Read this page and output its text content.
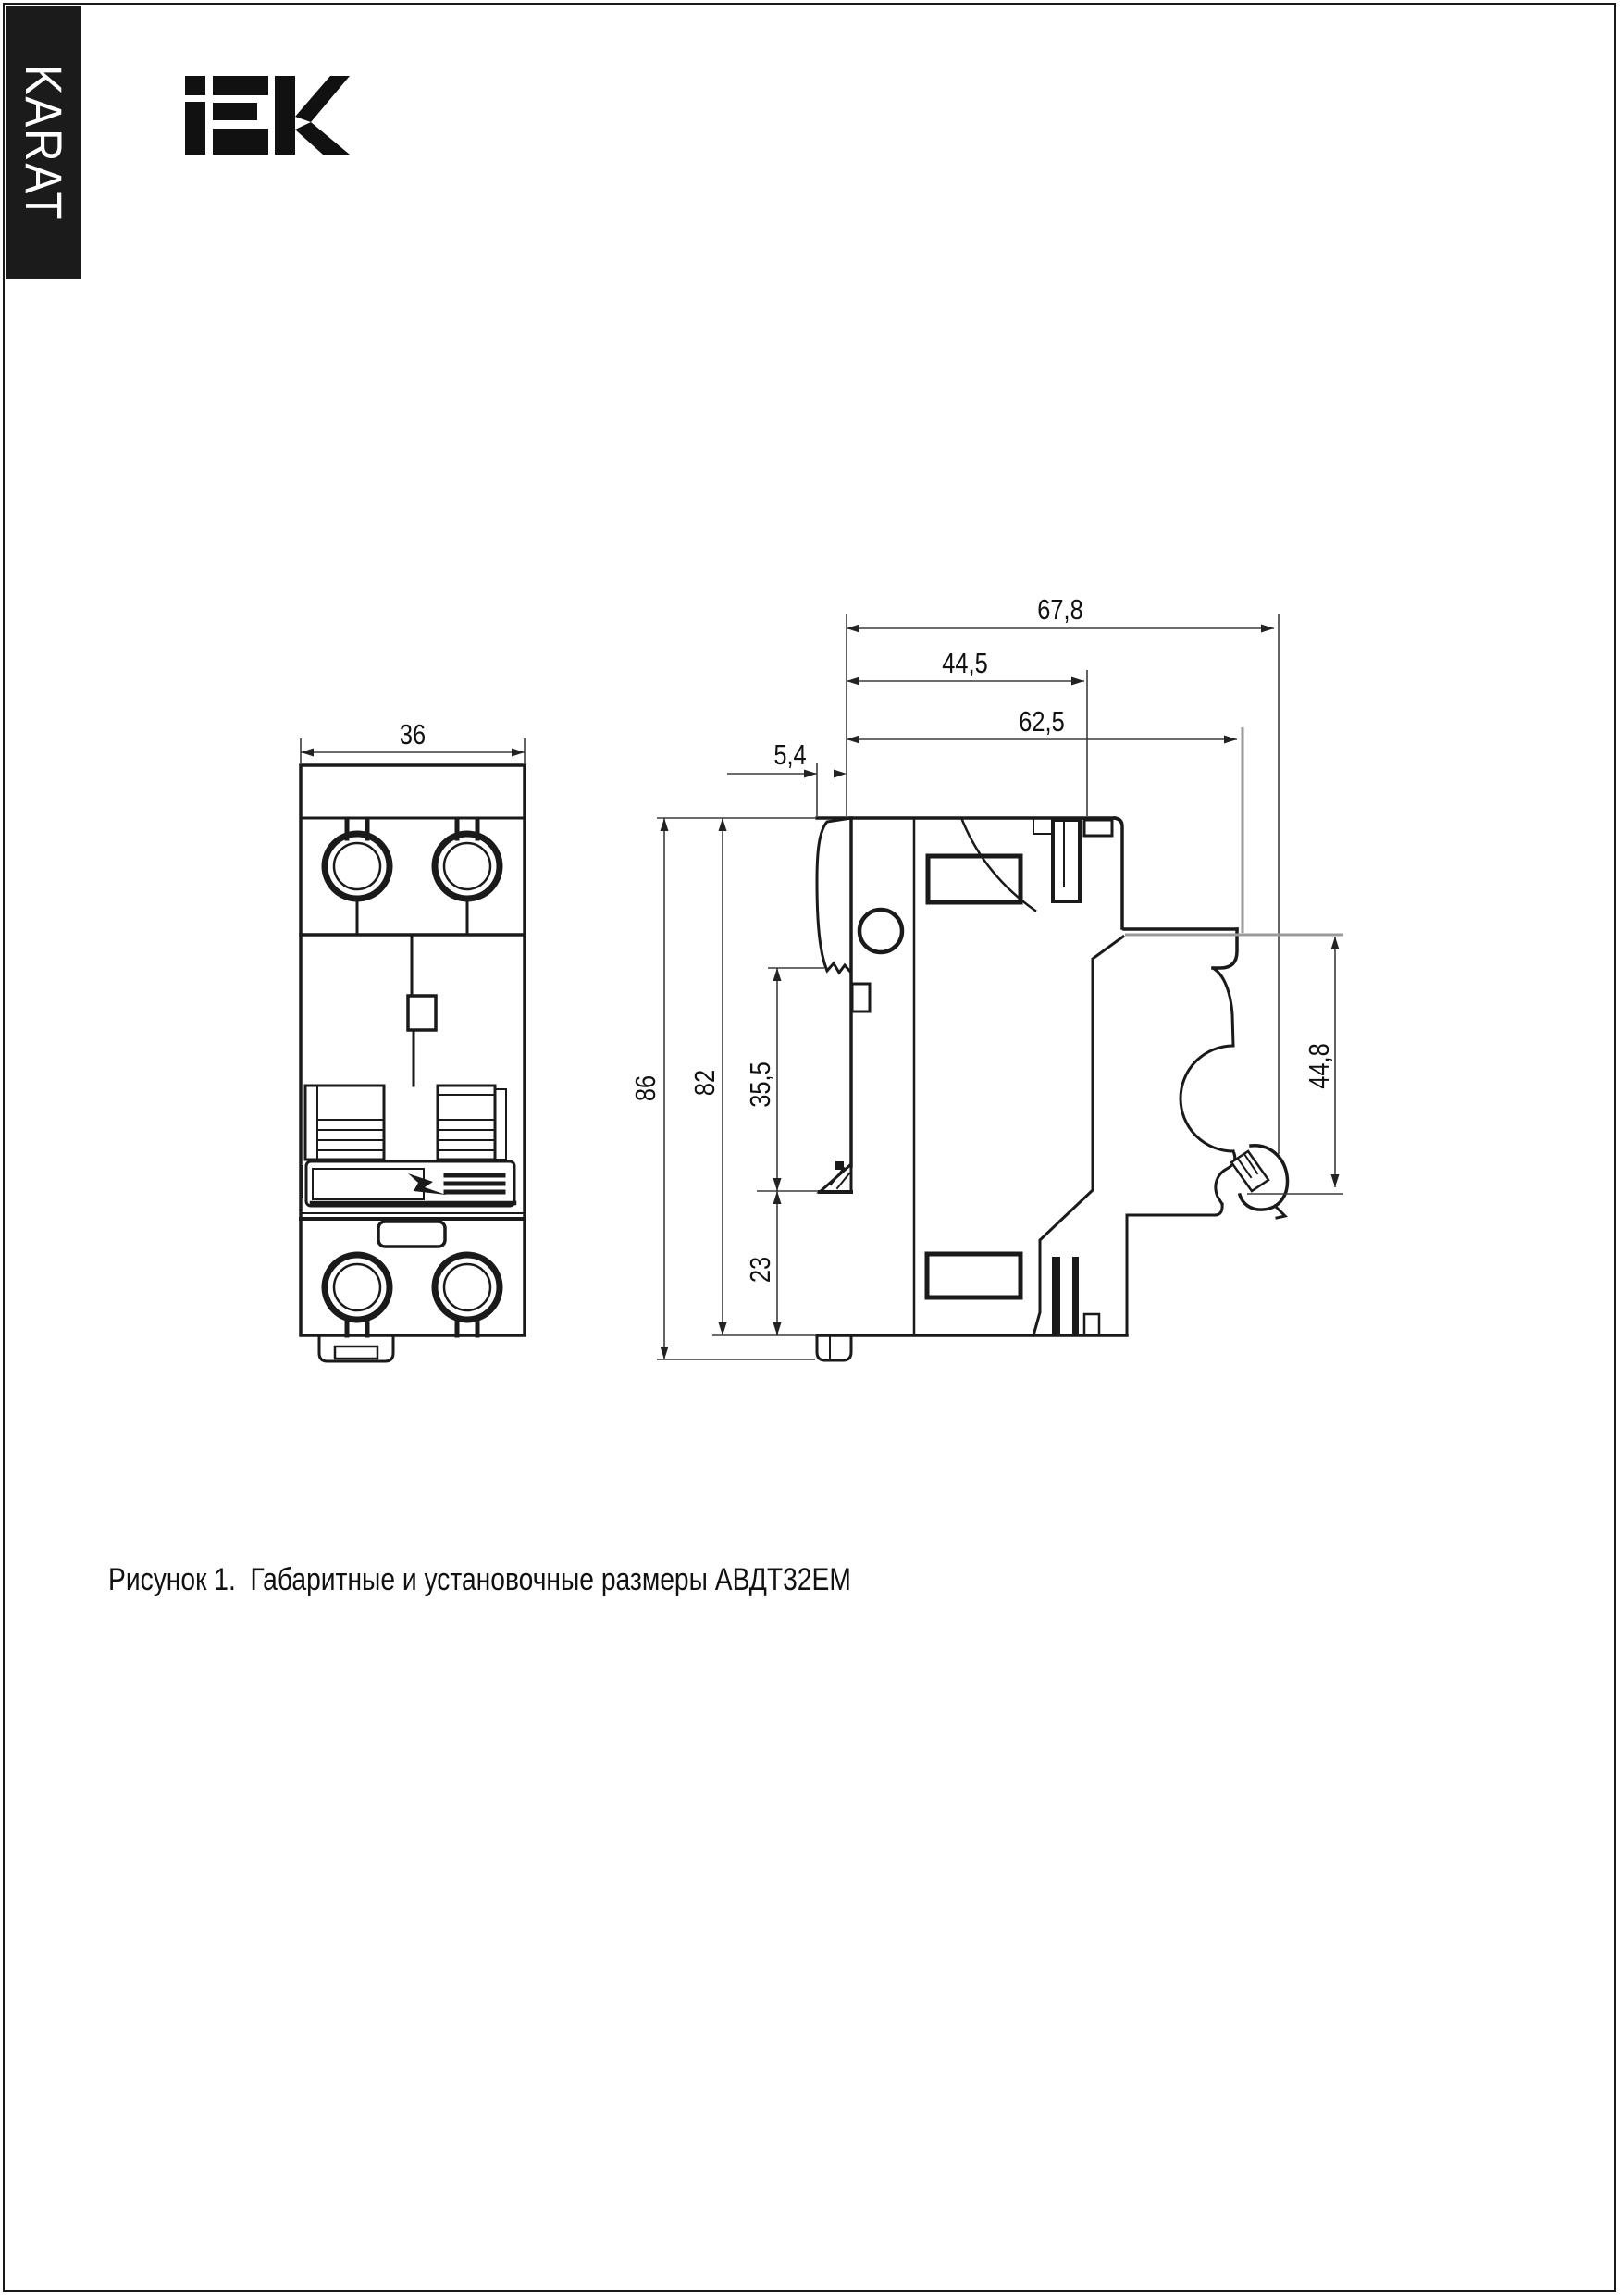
KARAT
36
67,8
44,5
62,5
5,4
86 82 35,5
23
44,8
Рисунок 1.  Габаритные и установочные размеры АВДТ32ЕМ
